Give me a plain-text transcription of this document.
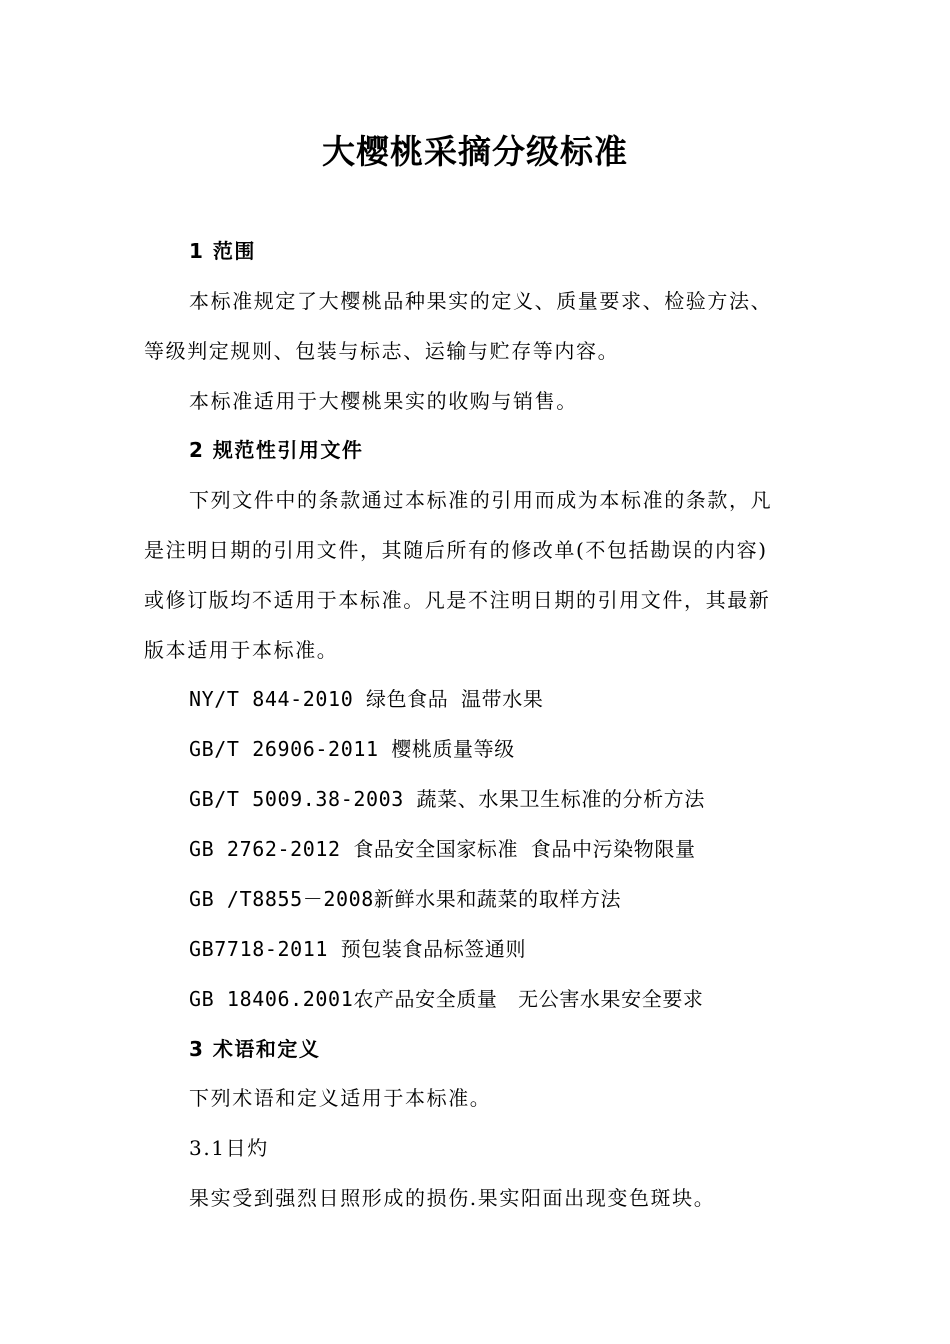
大樱桃采摘分级标准
1 范围
本标准规定了大樱桃品种果实的定义、质量要求、检验方法、
等级判定规则、包装与标志、运输与贮存等内容。
本标准适用于大樱桃果实的收购与销售。
2 规范性引用文件
下列文件中的条款通过本标准的引用而成为本标准的条款，凡
是注明日期的引用文件，其随后所有的修改单(不包括勘误的内容)
或修订版均不适用于本标准。凡是不注明日期的引用文件，其最新
版本适用于本标准。
NY/T 844-2010 绿色食品 温带水果
GB/T 26906-2011 樱桃质量等级
GB/T 5009.38-2003 蔬菜、水果卫生标准的分析方法
GB 2762-2012 食品安全国家标准 食品中污染物限量
GB /T8855－2008新鲜水果和蔬菜的取样方法
GB7718-2011 预包装食品标签通则
GB 18406.2001农产品安全质量　无公害水果安全要求
3 术语和定义
下列术语和定义适用于本标准。
3.1日灼
果实受到强烈日照形成的损伤.果实阳面出现变色斑块。
